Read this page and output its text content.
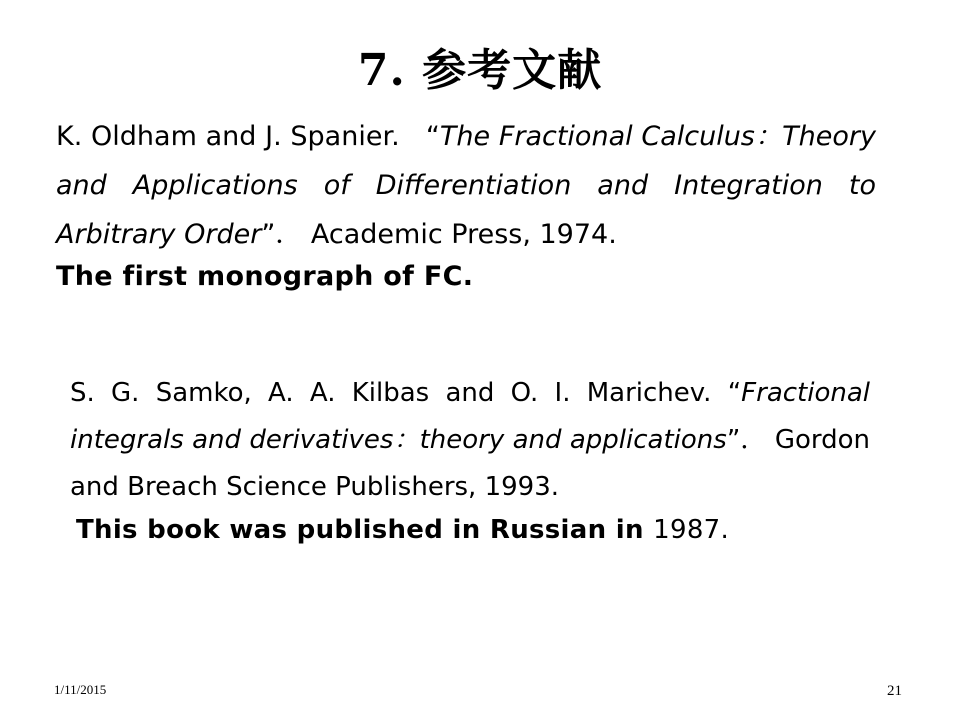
7. 参考文献
K. Oldham and J. Spanier. “The Fractional Calculus：Theory and Applications of Differentiation and Integration to Arbitrary Order”． Academic Press, 1974.
The first monograph of FC.
S. G. Samko, A. A. Kilbas and O. I. Marichev. “Fractional integrals and derivatives：theory and applications”． Gordon and Breach Science Publishers, 1993.
This book was published in Russian in 1987.
1/11/2015	21
